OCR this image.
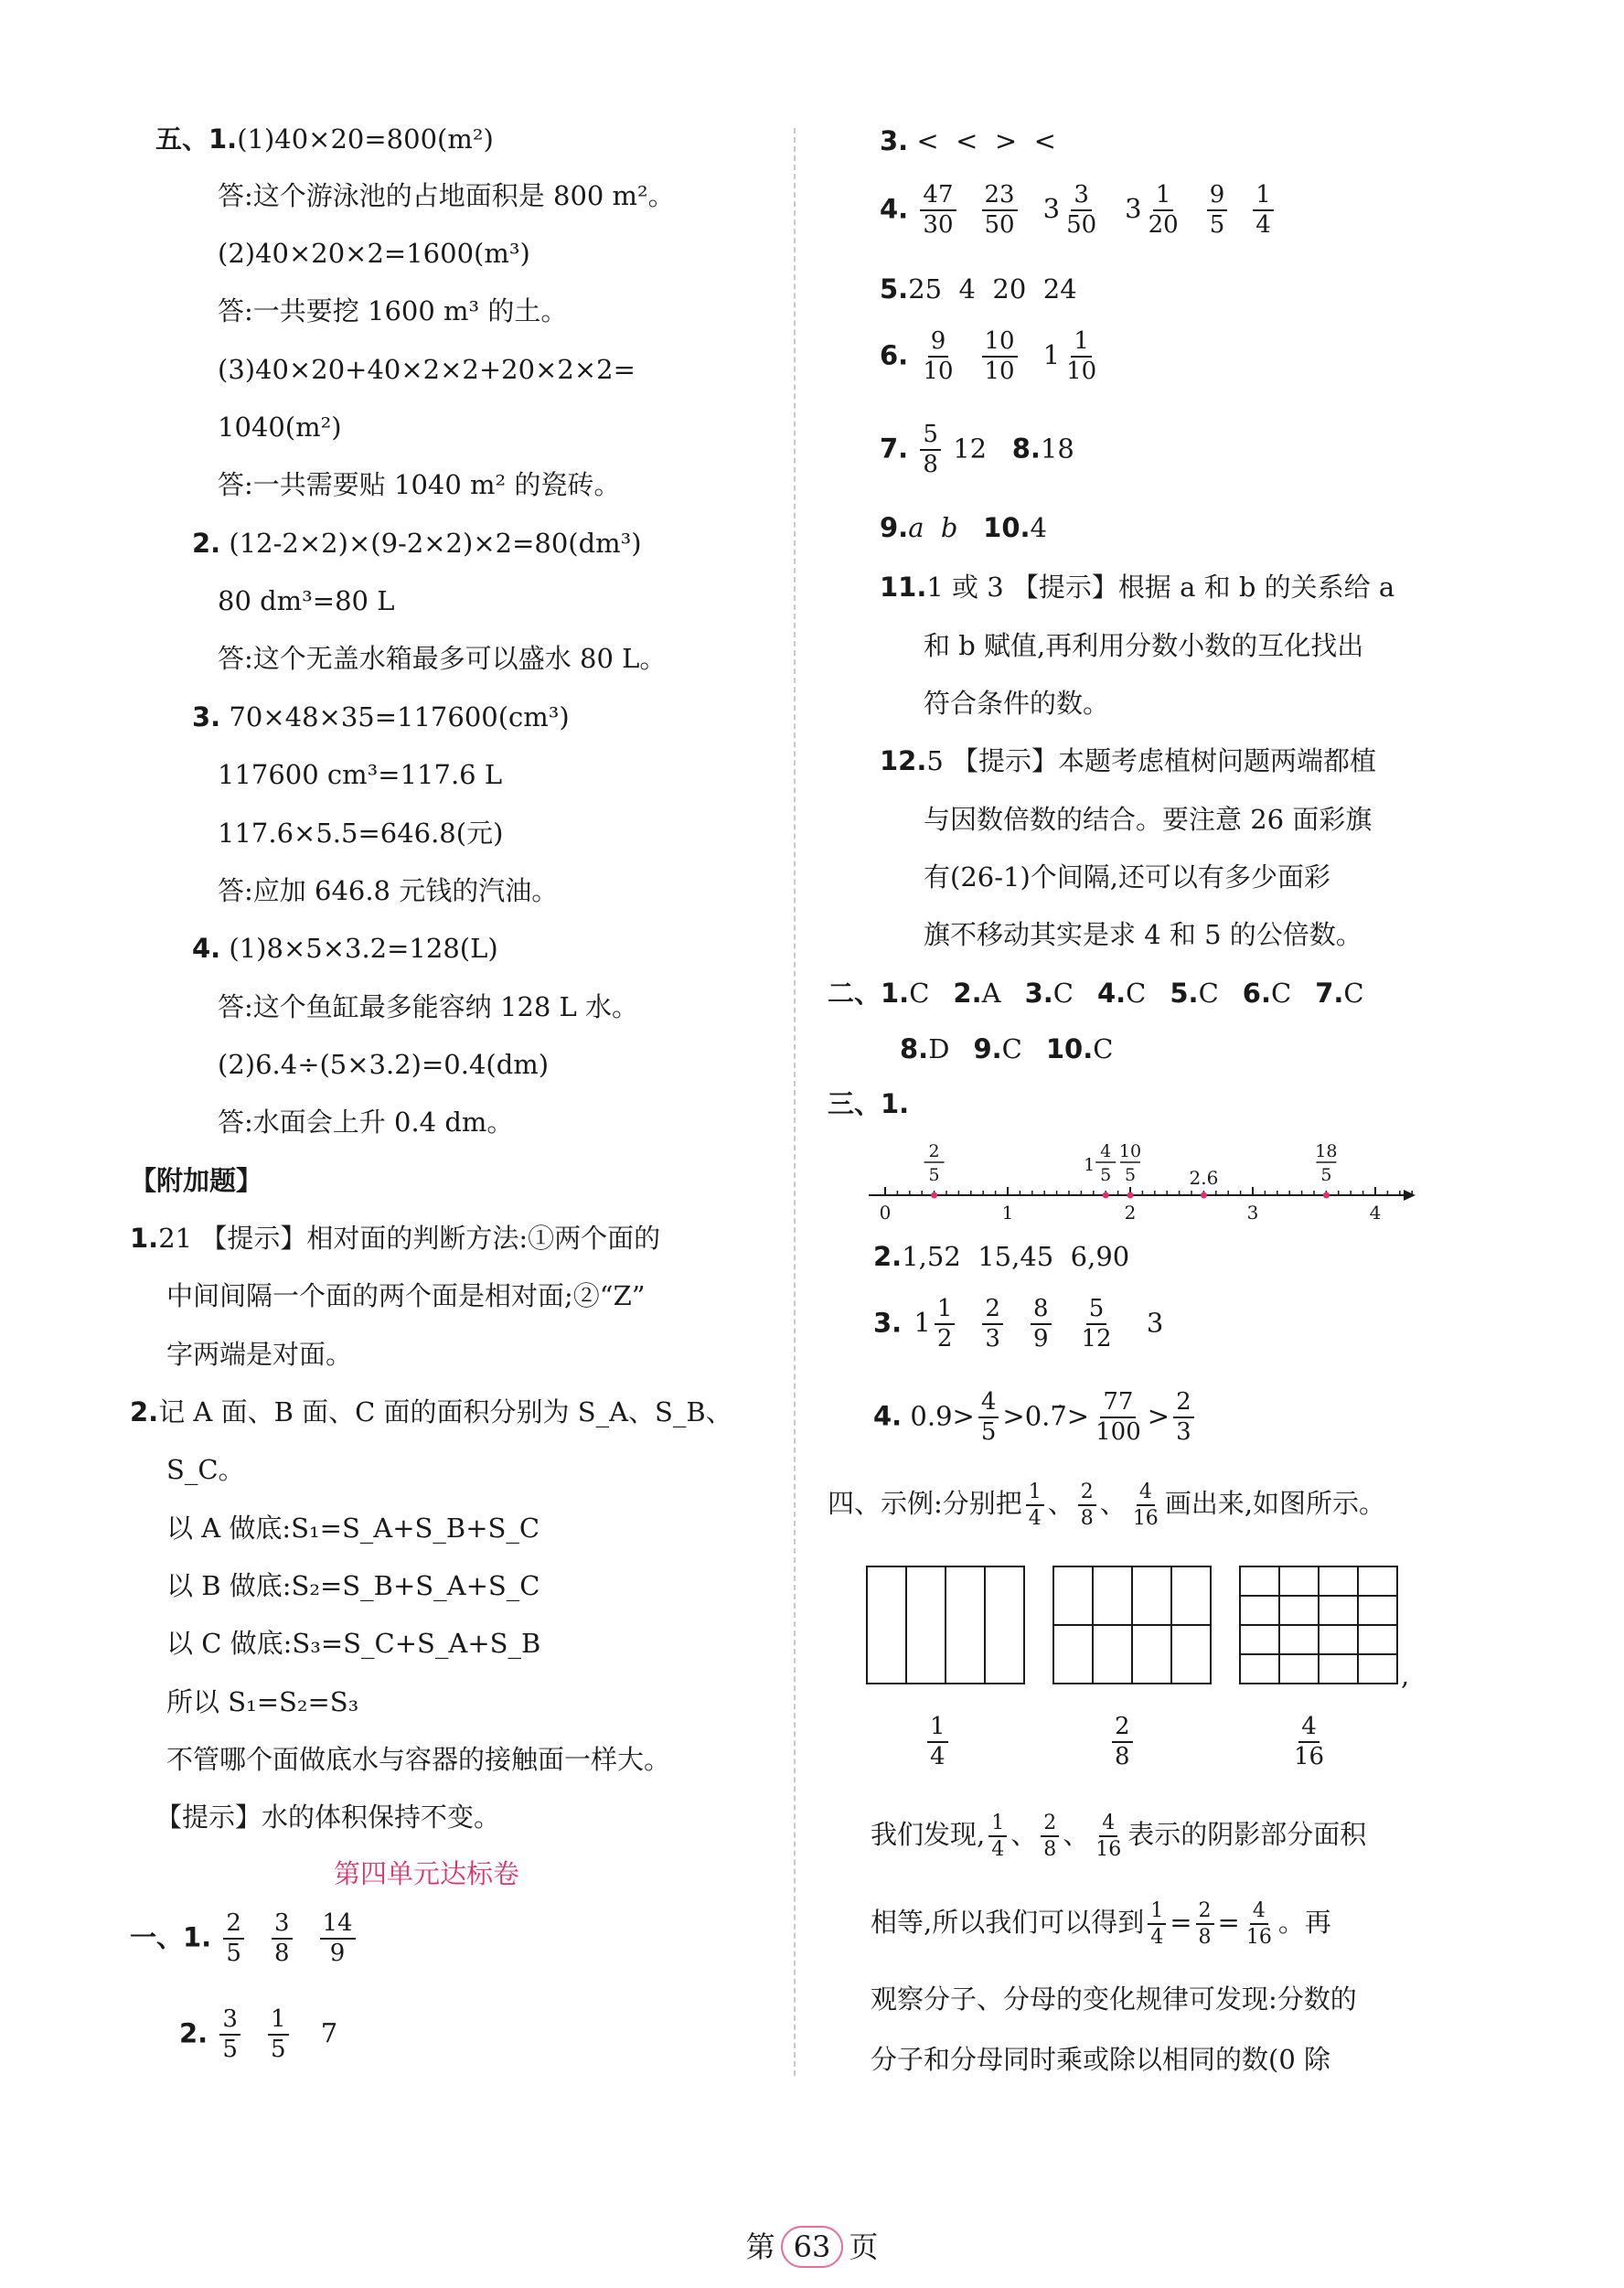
五、1.(1)40×20=800(m²)
答:这个游泳池的占地面积是 800 m²。
(2)40×20×2=1600(m³)
答:一共要挖 1600 m³ 的土。
(3)40×20+40×2×2+20×2×2=
1040(m²)
答:一共需要贴 1040 m² 的瓷砖。
2. (12-2×2)×(9-2×2)×2=80(dm³)
80 dm³=80 L
答:这个无盖水箱最多可以盛水 80 L。
3. 70×48×35=117600(cm³)
117600 cm³=117.6 L
117.6×5.5=646.8(元)
答:应加 646.8 元钱的汽油。
4. (1)8×5×3.2=128(L)
答:这个鱼缸最多能容纳 128 L 水。
(2)6.4÷(5×3.2)=0.4(dm)
答:水面会上升 0.4 dm。
【附加题】
1.21 【提示】相对面的判断方法:①两个面的
中间间隔一个面的两个面是相对面;②“Z”
字两端是对面。
2.记 A 面、B 面、C 面的面积分别为 S_A、S_B、
S_C。
以 A 做底:S₁=S_A+S_B+S_C
以 B 做底:S₂=S_B+S_A+S_C
以 C 做底:S₃=S_C+S_A+S_B
所以 S₁=S₂=S₃
不管哪个面做底水与容器的接触面一样大。
【提示】水的体积保持不变。
第四单元达标卷
一、1. $\frac{2}{5} \frac{3}{8} \frac{14}{9}$
2. $\frac{3}{5} \frac{1}{5} 7$
3. <  <  >  <
4. $\frac{47}{30} \frac{23}{50} 3 \frac{3}{50} 3 \frac{1}{20} \frac{9}{5} \frac{1}{4}$
5.25  4  20  24
6. $\frac{9}{10} \frac{10}{10} 1 \frac{1}{10}$
7. $\frac{5}{8} 12$ 8.18
9.a  b 10.4
11.1 或 3 【提示】根据 a 和 b 的关系给 a
和 b 赋值,再利用分数小数的互化找出
符合条件的数。
12.5 【提示】本题考虑植树问题两端都植
与因数倍数的结合。要注意 26 面彩旗
有(26-1)个间隔,还可以有多少面彩
旗不移动其实是求 4 和 5 的公倍数。
二、1.C 2.A 3.C 4.C 5.C 6.C 7.C
8.D 9.C 10.C
三、1.
0	1	2	3	4
2
5
4
5
1
10
5	2.6
18
5
2.1,52  15,45  6,90
3. $1 \frac{1}{2} \frac{2}{3} \frac{8}{9} \frac{5}{12} 3$
4. $0.9> \frac{4}{5}$ >0.7̇> $\frac{77}{100} > \frac{2}{3}$
四、示例:分别把 $\frac{1}{4}$ 、 $\frac{2}{8}$ 、 $\frac{4}{16}$ 画出来,如图所示。
,
$\frac{1}{4}$	$\frac{2}{8}$	$\frac{4}{16}$
我们发现, $\frac{1}{4}$ 、 $\frac{2}{8}$ 、 $\frac{4}{16}$ 表示的阴影部分面积
相等,所以我们可以得到 $\frac{1}{4} = \frac{2}{8} = \frac{4}{16}$ 。再
观察分子、分母的变化规律可发现:分数的
分子和分母同时乘或除以相同的数(0 除
第 63 页
